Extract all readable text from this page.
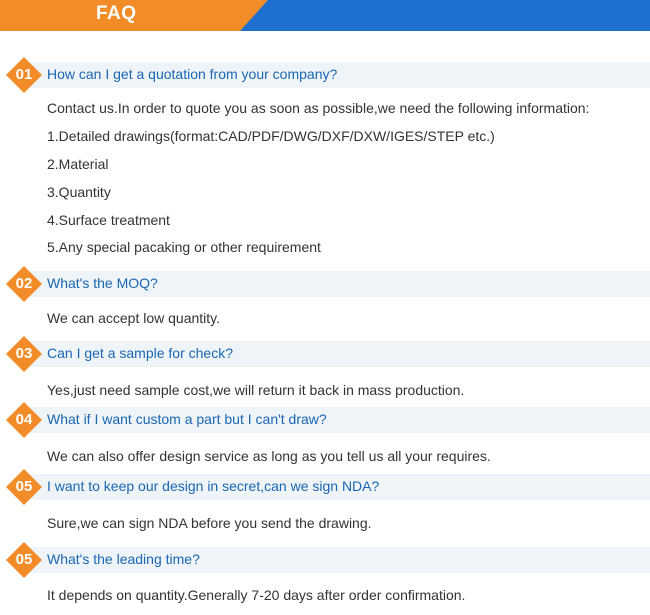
FAQ
01	How can I get a quotation from your company?
Contact us.In order to quote you as soon as possible,we need the following information:
1.Detailed drawings(format:CAD/PDF/DWG/DXF/DXW/IGES/STEP etc.)
2.Material
3.Quantity
4.Surface treatment
5.Any special pacaking or other requirement
02	What's the MOQ?
We can accept low quantity.
03	Can I get a sample for check?
Yes,just need sample cost,we will return it back in mass production.
04	What if I want custom a part but I can't draw?
We can also offer design service as long as you tell us all your requires.
05	I want to keep our design in secret,can we sign NDA?
Sure,we can sign NDA before you send the drawing.
05	What's the leading time?
It depends on quantity.Generally 7-20 days after order confirmation.
